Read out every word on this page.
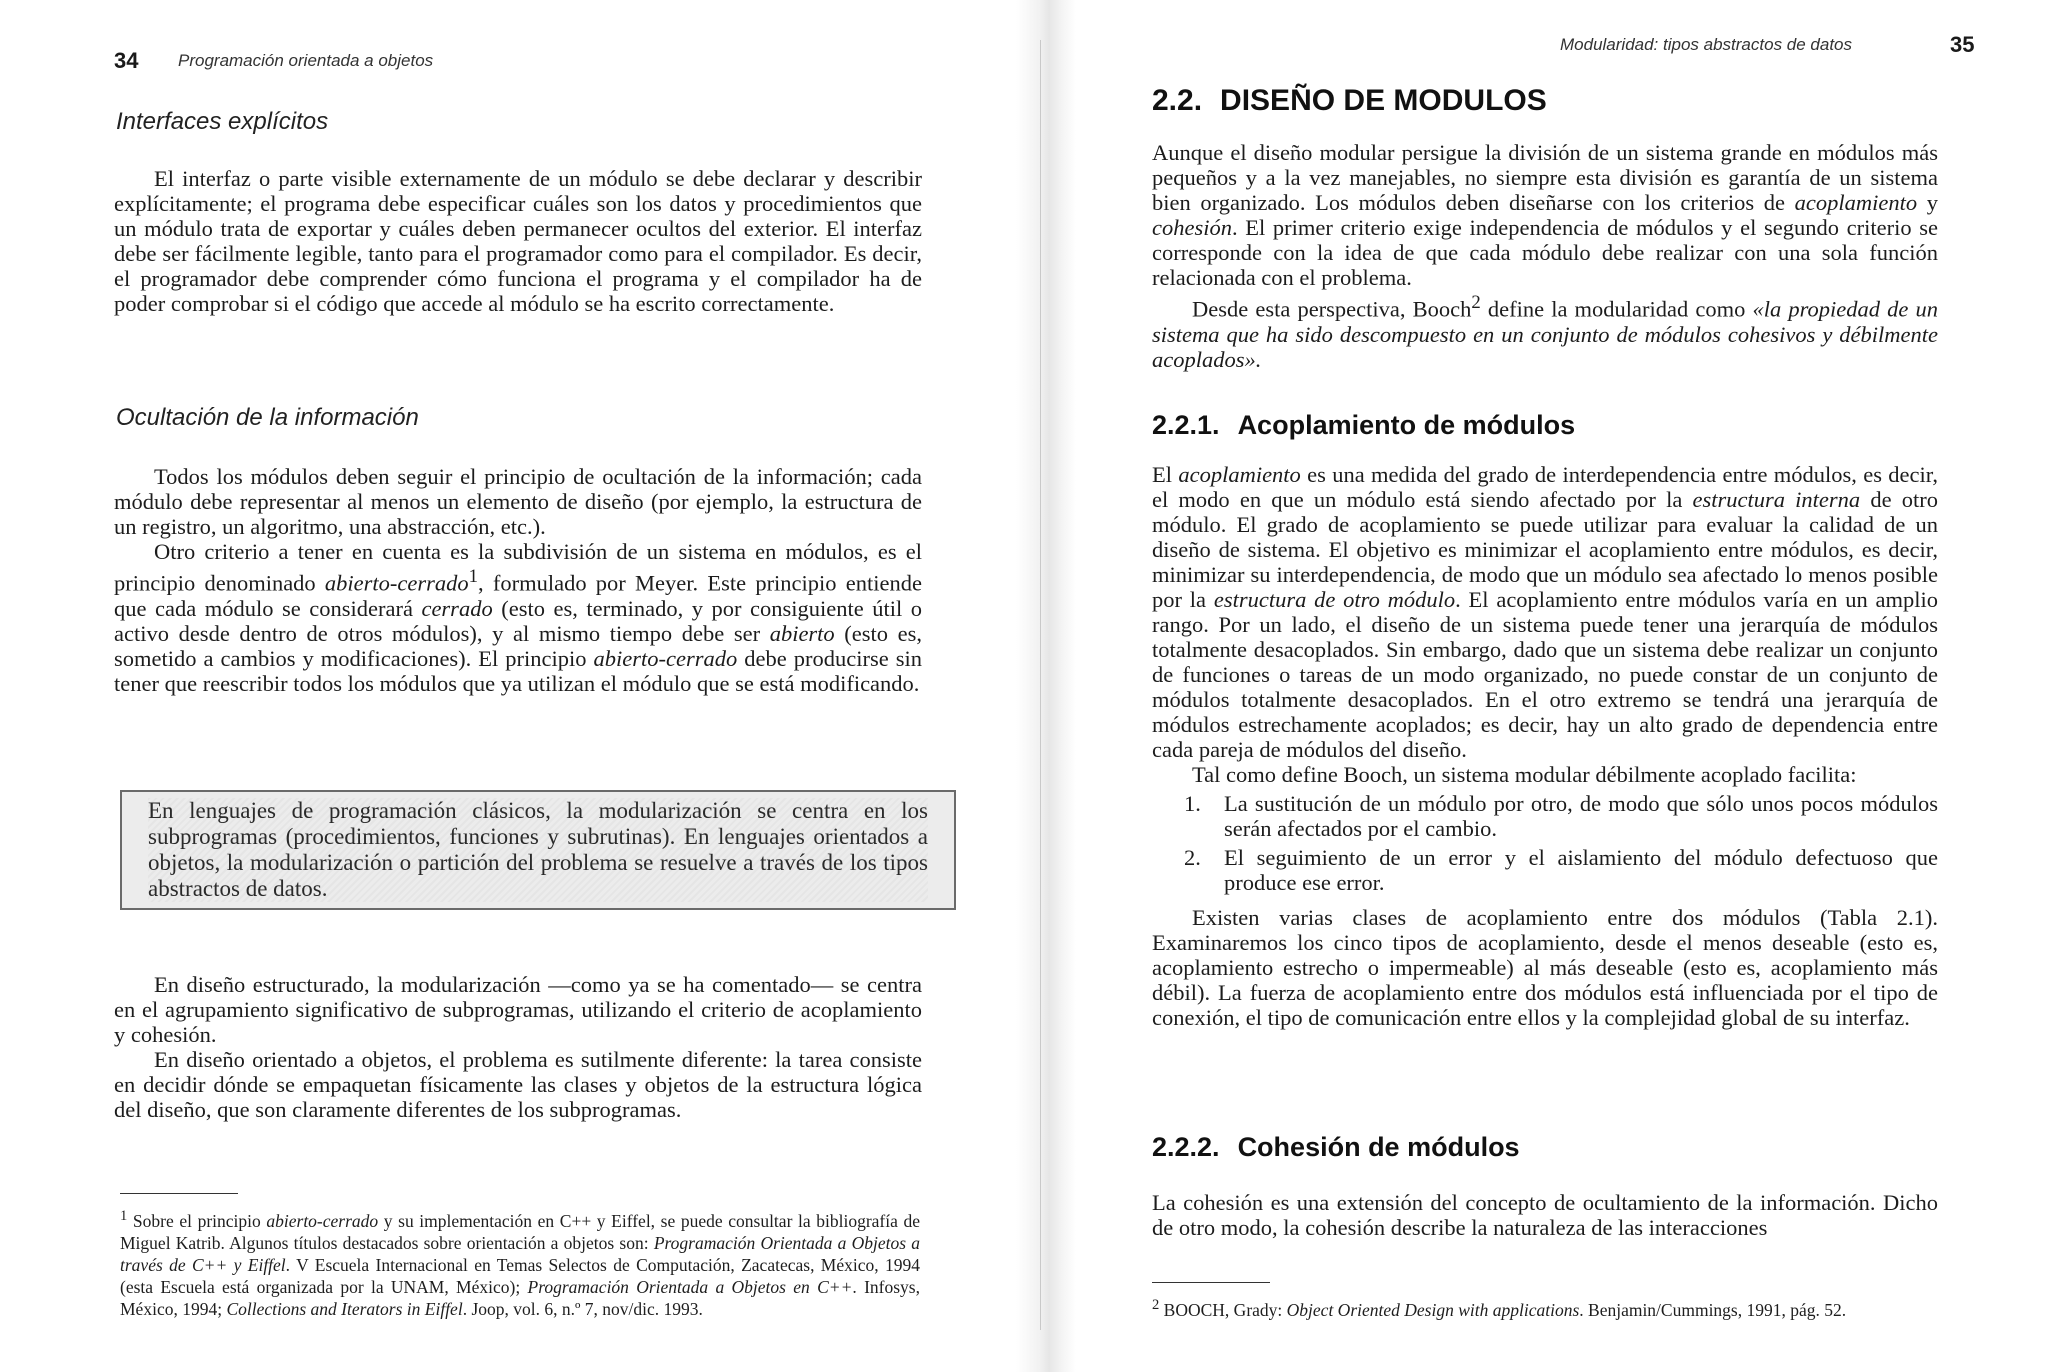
34 Programación orientada a objetos
Interfaces explícitos

El interfaz o parte visible externamente de un módulo se debe declarar y describir explícitamente; el programa debe especificar cuáles son los datos y procedimientos que un módulo trata de exportar y cuáles deben permanecer ocultos del exterior. El interfaz debe ser fácilmente legible, tanto para el programador como para el compilador. Es decir, el programador debe comprender cómo funciona el programa y el compilador ha de poder comprobar si el código que accede al módulo se ha escrito correctamente.

Ocultación de la información

Todos los módulos deben seguir el principio de ocultación de la información; cada módulo debe representar al menos un elemento de diseño (por ejemplo, la estructura de un registro, un algoritmo, una abstracción, etc.).

Otro criterio a tener en cuenta es la subdivisión de un sistema en módulos, es el principio denominado abierto-cerrado$^1$, formulado por Meyer. Este principio entiende que cada módulo se considerará cerrado (esto es, terminado, y por consiguiente útil o activo desde dentro de otros módulos), y al mismo tiempo debe ser abierto (esto es, sometido a cambios y modificaciones). El principio abierto-cerrado debe producirse sin tener que reescribir todos los módulos que ya utilizan el módulo que se está modificando.

En lenguajes de programación clásicos, la modularización se centra en los subprogramas (procedimientos, funciones y subrutinas). En lenguajes orientados a objetos, la modularización o partición del problema se resuelve a través de los tipos abstractos de datos.

En diseño estructurado, la modularización —como ya se ha comentado— se centra en el agrupamiento significativo de subprogramas, utilizando el criterio de acoplamiento y cohesión.

En diseño orientado a objetos, el problema es sutilmente diferente: la tarea consiste en decidir dónde se empaquetan físicamente las clases y objetos de la estructura lógica del diseño, que son claramente diferentes de los subprogramas.

$^1$ Sobre el principio abierto-cerrado y su implementación en C++ y Eiffel, se puede consultar la bibliografía de Miguel Katrib. Algunos títulos destacados sobre orientación a objetos son: Programación Orientada a Objetos a través de C++ y Eiffel. V Escuela Internacional en Temas Selectos de Computación, Zacatecas, México, 1994 (esta Escuela está organizada por la UNAM, México); Programación Orientada a Objetos en C++. Infosys, México, 1994; Collections and Iterators in Eiffel. Joop, vol. 6, n.º 7, nov/dic. 1993.
Modularidad: tipos abstractos de datos	35
2.2. DISEÑO DE MODULOS

Aunque el diseño modular persigue la división de un sistema grande en módulos más pequeños y a la vez manejables, no siempre esta división es garantía de un sistema bien organizado. Los módulos deben diseñarse con los criterios de acoplamiento y cohesión. El primer criterio exige independencia de módulos y el segundo criterio se corresponde con la idea de que cada módulo debe realizar con una sola función relacionada con el problema.

Desde esta perspectiva, Booch$^2$ define la modularidad como «la propiedad de un sistema que ha sido descompuesto en un conjunto de módulos cohesivos y débilmente acoplados».

2.2.1. Acoplamiento de módulos

El acoplamiento es una medida del grado de interdependencia entre módulos, es decir, el modo en que un módulo está siendo afectado por la estructura interna de otro módulo. El grado de acoplamiento se puede utilizar para evaluar la calidad de un diseño de sistema. El objetivo es minimizar el acoplamiento entre módulos, es decir, minimizar su interdependencia, de modo que un módulo sea afectado lo menos posible por la estructura de otro módulo. El acoplamiento entre módulos varía en un amplio rango. Por un lado, el diseño de un sistema puede tener una jerarquía de módulos totalmente desacoplados. Sin embargo, dado que un sistema debe realizar un conjunto de funciones o tareas de un modo organizado, no puede constar de un conjunto de módulos totalmente desacoplados. En el otro extremo se tendrá una jerarquía de módulos estrechamente acoplados; es decir, hay un alto grado de dependencia entre cada pareja de módulos del diseño.

Tal como define Booch, un sistema modular débilmente acoplado facilita:

1.	La sustitución de un módulo por otro, de modo que sólo unos pocos módulos serán afectados por el cambio.
2.	El seguimiento de un error y el aislamiento del módulo defectuoso que produce ese error.

Existen varias clases de acoplamiento entre dos módulos (Tabla 2.1). Examinaremos los cinco tipos de acoplamiento, desde el menos deseable (esto es, acoplamiento estrecho o impermeable) al más deseable (esto es, acoplamiento más débil). La fuerza de acoplamiento entre dos módulos está influenciada por el tipo de conexión, el tipo de comunicación entre ellos y la complejidad global de su interfaz.

2.2.2. Cohesión de módulos

La cohesión es una extensión del concepto de ocultamiento de la información. Dicho de otro modo, la cohesión describe la naturaleza de las interacciones

$^2$ BOOCH, Grady: Object Oriented Design with applications. Benjamin/Cummings, 1991, pág. 52.
